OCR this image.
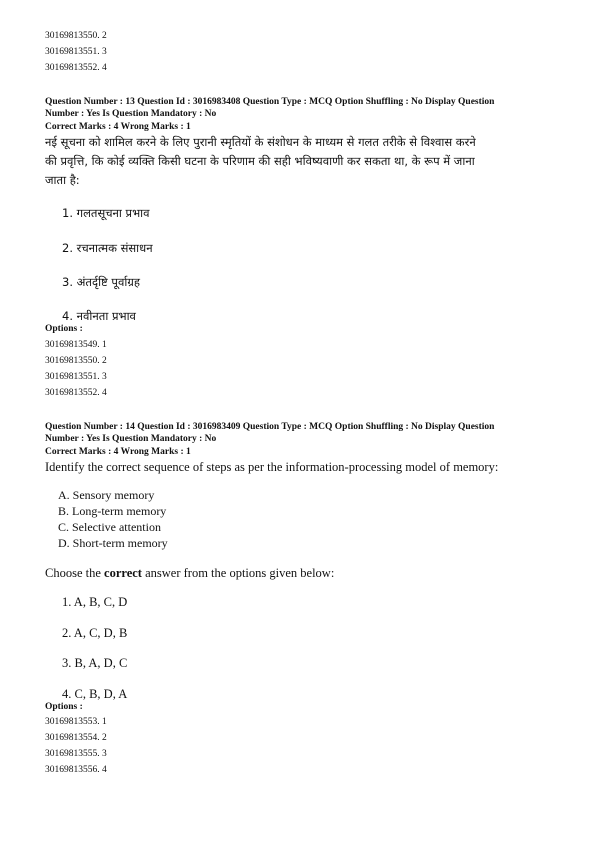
30169813550. 2
30169813551. 3
30169813552. 4
Question Number : 13 Question Id : 3016983408 Question Type : MCQ Option Shuffling : No Display Question
Number : Yes Is Question Mandatory : No
Correct Marks : 4 Wrong Marks : 1
नई सूचना को शामिल करने के लिए पुरानी स्मृतियों के संशोधन के माध्यम से गलत तरीके से विश्वास करने
की प्रवृत्ति, कि कोई व्यक्ति किसी घटना के परिणाम की सही भविष्यवाणी कर सकता था, के रूप में जाना
जाता है:
1. गलतसूचना प्रभाव
2. रचनात्मक संसाधन
3. अंतर्दृष्टि पूर्वाग्रह
4. नवीनता प्रभाव
Options :
30169813549. 1
30169813550. 2
30169813551. 3
30169813552. 4
Question Number : 14 Question Id : 3016983409 Question Type : MCQ Option Shuffling : No Display Question
Number : Yes Is Question Mandatory : No
Correct Marks : 4 Wrong Marks : 1
Identify the correct sequence of steps as per the information-processing model of memory:
A. Sensory memory
B. Long-term memory
C. Selective attention
D. Short-term memory
Choose the correct answer from the options given below:
1. A, B, C, D
2. A, C, D, B
3. B, A, D, C
4. C, B, D, A
Options :
30169813553. 1
30169813554. 2
30169813555. 3
30169813556. 4
